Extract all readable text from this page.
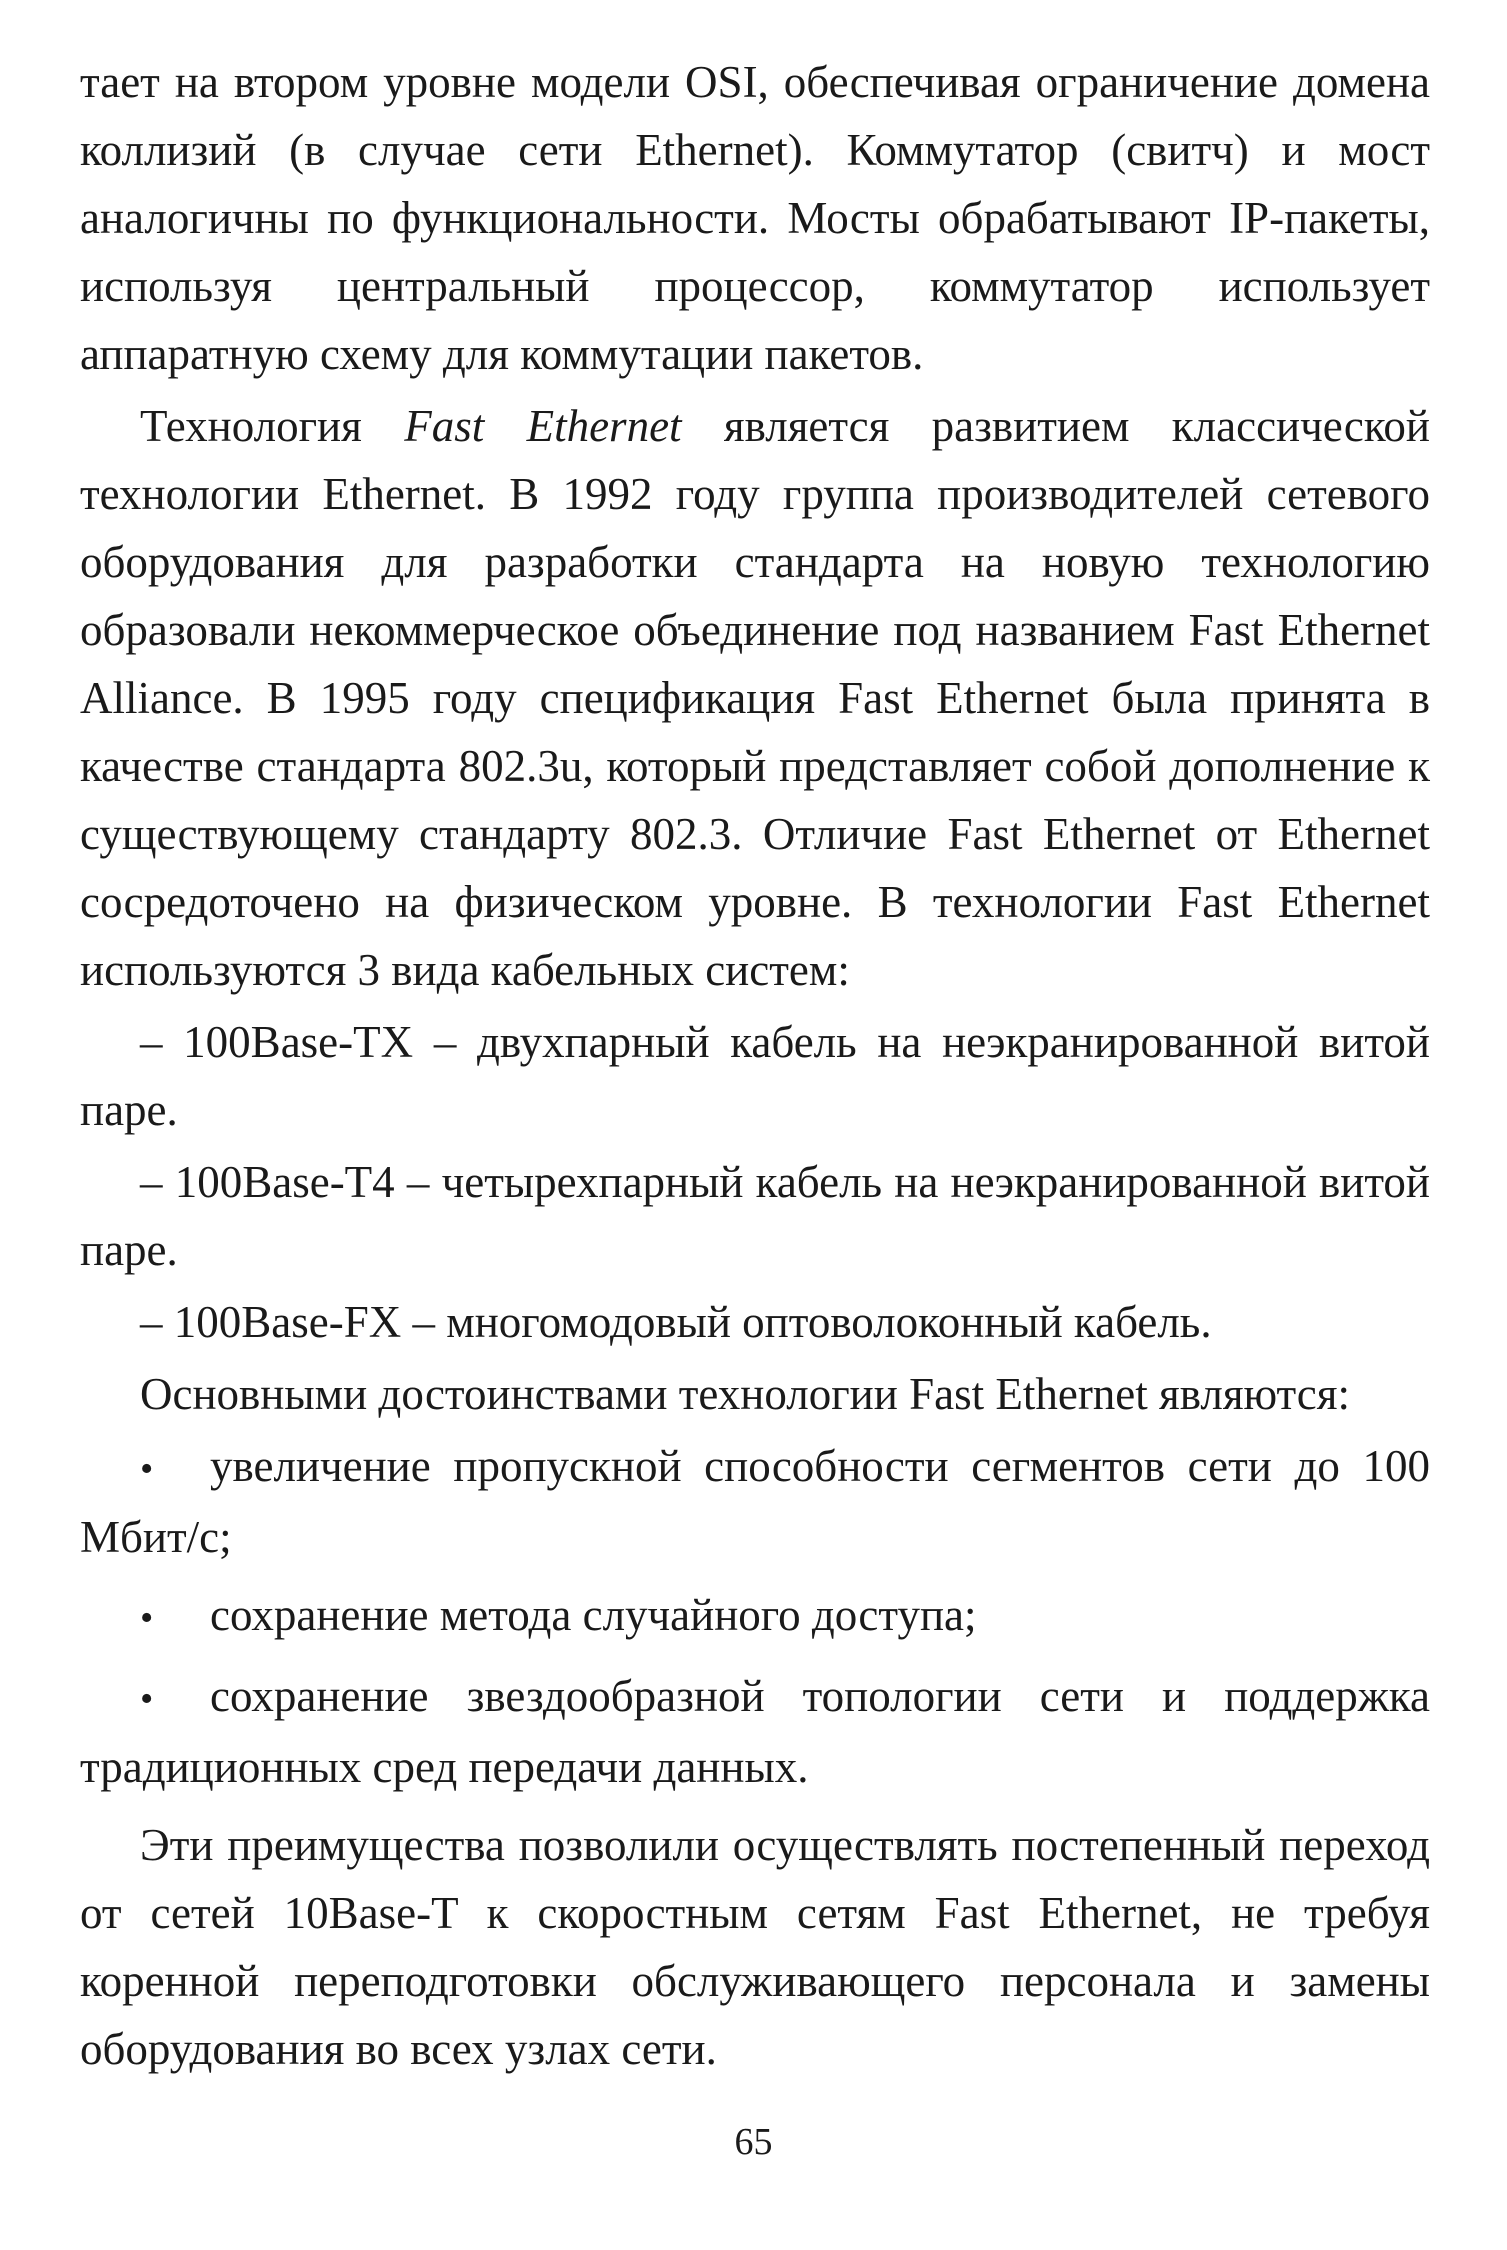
тает на втором уровне модели OSI, обеспечивая ограничение домена коллизий (в случае сети Ethernet). Коммутатор (свитч) и мост аналогичны по функциональности. Мосты обрабатывают IP-пакеты, используя центральный процессор, коммутатор использует аппаратную схему для коммутации пакетов.

Технология Fast Ethernet является развитием классической технологии Ethernet. В 1992 году группа производителей сетевого оборудования для разработки стандарта на новую технологию образовали некоммерческое объединение под названием Fast Ethernet Alliance. В 1995 году спецификация Fast Ethernet была принята в качестве стандарта 802.3u, который представляет собой дополнение к существующему стандарту 802.3. Отличие Fast Ethernet от Ethernet сосредоточено на физическом уровне. В технологии Fast Ethernet используются 3 вида кабельных систем:

– 100Base-TX – двухпарный кабель на неэкранированной витой паре.

– 100Base-T4 – четырехпарный кабель на неэкранированной витой паре.

– 100Base-FX – многомодовый оптоволоконный кабель.

Основными достоинствами технологии Fast Ethernet являются:

• увеличение пропускной способности сегментов сети до 100 Мбит/с;
• сохранение метода случайного доступа;
• сохранение звездообразной топологии сети и поддержка традиционных сред передачи данных.

Эти преимущества позволили осуществлять постепенный переход от сетей 10Base-T к скоростным сетям Fast Ethernet, не требуя коренной переподготовки обслуживающего персонала и замены оборудования во всех узлах сети.

65
